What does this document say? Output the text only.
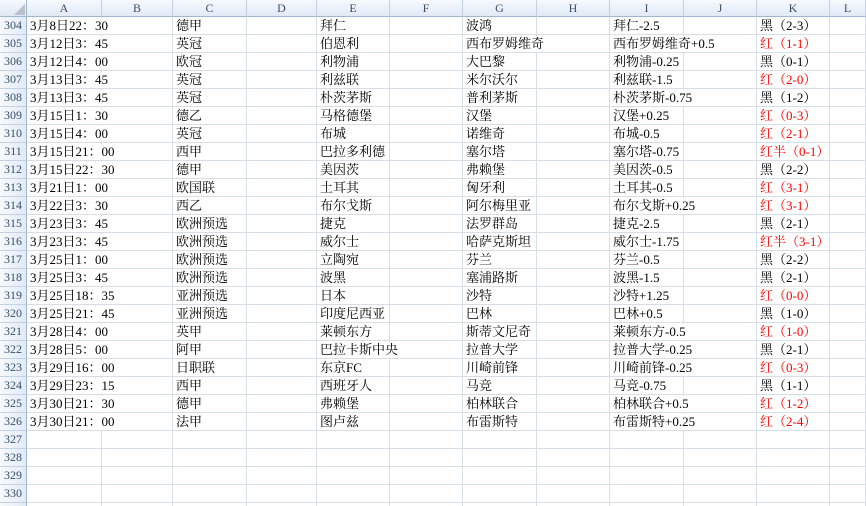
A	B	C	D	E	F	G	H	I	J	K	L
304 3月8日22：30	德甲	拜仁	波鸿	拜仁-2.5	黑（2-3）
305 3月12日3：45	英冠	伯恩利	西布罗姆维奇	西布罗姆维奇+0.5	红（1-1）
306 3月12日4：00	欧冠	利物浦	大巴黎	利物浦-0.25	黑（0-1）
307 3月13日3：45	英冠	利兹联	米尔沃尔	利兹联-1.5	红（2-0）
308 3月13日3：45	英冠	朴茨茅斯	普利茅斯	朴茨茅斯-0.75	黑（1-2）
309 3月15日1：30	德乙	马格德堡	汉堡	汉堡+0.25	红（0-3）
310 3月15日4：00	英冠	布城	诺维奇	布城-0.5	红（2-1）
311 3月15日21：00	西甲	巴拉多利德	塞尔塔	塞尔塔-0.75	红半（0-1）
312 3月15日22：30	德甲	美因茨	弗赖堡	美因茨-0.5	黑（2-2）
313 3月21日1：00	欧国联	土耳其	匈牙利	土耳其-0.5	红（3-1）
314 3月22日3：30	西乙	布尔戈斯	阿尔梅里亚	布尔戈斯+0.25	红（3-1）
315 3月23日3：45	欧洲预选	捷克	法罗群岛	捷克-2.5	黑（2-1）
316 3月23日3：45	欧洲预选	威尔士	哈萨克斯坦	威尔士-1.75	红半（3-1）
317 3月25日1：00	欧洲预选	立陶宛	芬兰	芬兰-0.5	黑（2-2）
318 3月25日3：45	欧洲预选	波黑	塞浦路斯	波黑-1.5	黑（2-1）
319 3月25日18：35	亚洲预选	日本	沙特	沙特+1.25	红（0-0）
320 3月25日21：45	亚洲预选	印度尼西亚	巴林	巴林+0.5	黑（1-0）
321 3月28日4：00	英甲	莱顿东方	斯蒂文尼奇	莱顿东方-0.5	红（1-0）
322 3月28日5：00	阿甲	巴拉卡斯中央	拉普大学	拉普大学-0.25	黑（2-1）
323 3月29日16：00	日职联	东京FC	川崎前锋	川崎前锋-0.25	红（0-3）
324 3月29日23：15	西甲	西班牙人	马竞	马竞-0.75	黑（1-1）
325 3月30日21：30	德甲	弗赖堡	柏林联合	柏林联合+0.5	红（1-2）
326 3月30日21：00	法甲	图卢兹	布雷斯特	布雷斯特+0.25	红（2-4）
327
328
329
330
